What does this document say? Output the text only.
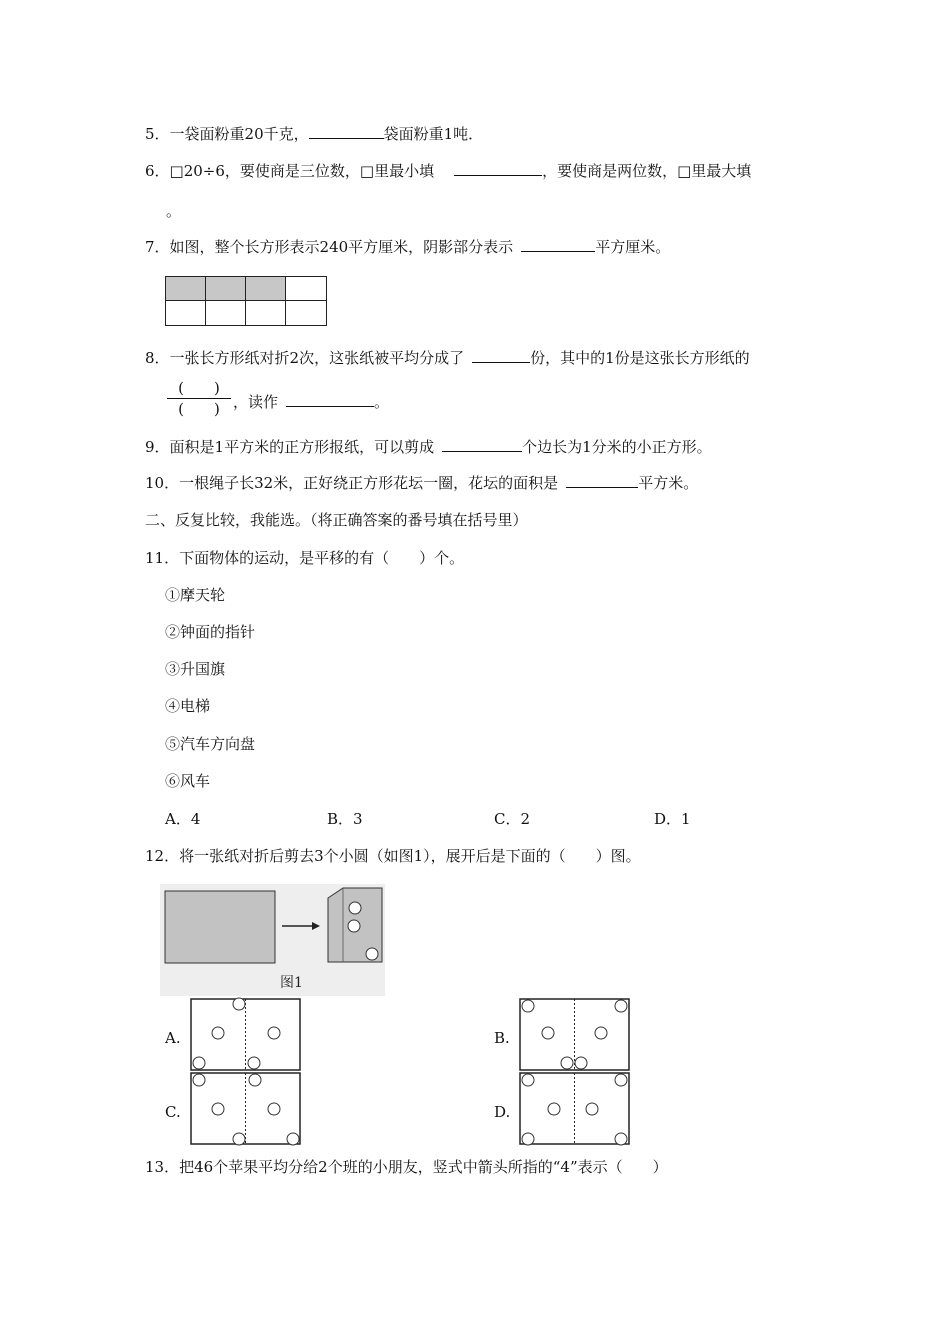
5．一袋面粉重20千克，	袋面粉重1吨．
6．□20÷6，要使商是三位数，□里最小填	，要使商是两位数，□里最大填
。
7．如图，整个长方形表示240平方厘米，阴影部分表示	平方厘米。
8．一张长方形纸对折2次，这张纸被平均分成了	份，其中的1份是这张长方形纸的
(　　)
(　　) ，读作	。
9．面积是1平方米的正方形报纸，可以剪成	个边长为1分米的小正方形。
10．一根绳子长32米，正好绕正方形花坛一圈，花坛的面积是	平方米。
二、反复比较，我能选。（将正确答案的番号填在括号里）
11．下面物体的运动，是平移的有（　　）个。
①摩天轮
②钟面的指针
③升国旗
④电梯
⑤汽车方向盘
⑥风车
A．4	B．3	C．2	D．1
12．将一张纸对折后剪去3个小圆（如图1），展开后是下面的（　　）图。
图1
A.	B.
C.	D.
13．把46个苹果平均分给2个班的小朋友，竖式中箭头所指的“4”表示（　　）
